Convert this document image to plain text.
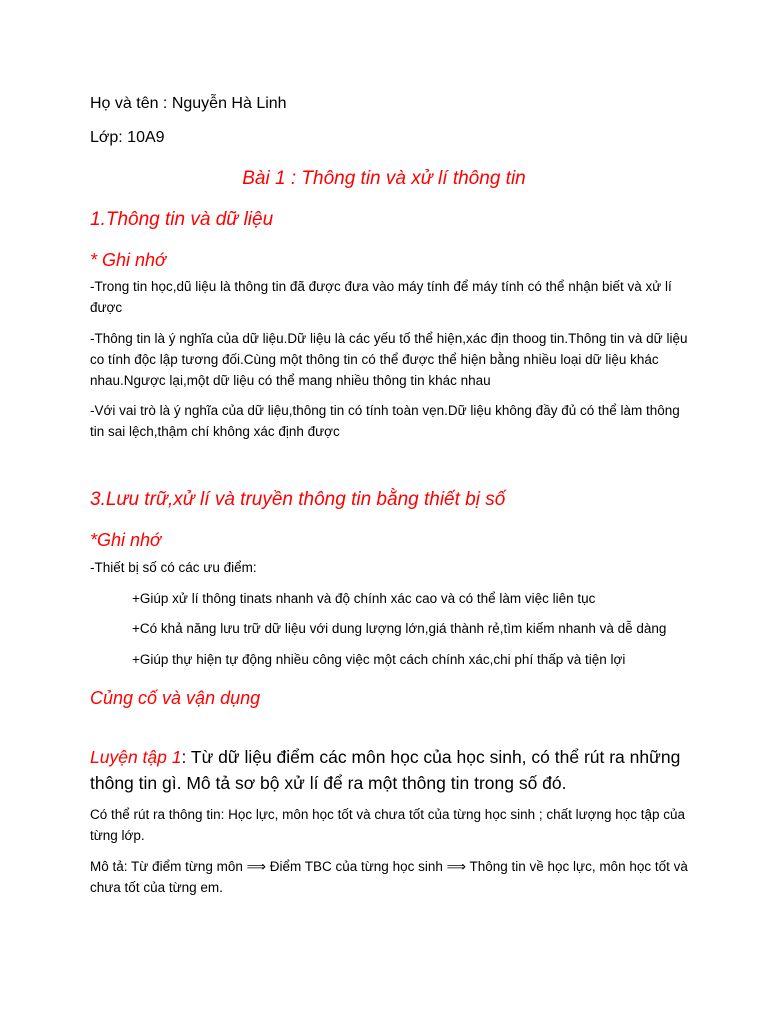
Họ và tên : Nguyễn Hà Linh
Lớp: 10A9
Bài 1 : Thông tin và xử lí thông tin
1.Thông tin và dữ liệu
* Ghi nhớ
-Trong tin học,dũ liệu là thông tin đã được đưa vào máy tính để máy tính có thể nhận biết và xử lí được
-Thông tin là ý nghĩa của dữ liệu.Dữ liệu là các yếu tố thể hiện,xác địn thoog tin.Thông tin và dữ liệu co tính độc lập tương đối.Cùng một thông tin có thể được thể hiện bằng nhiều loại dữ liệu khác nhau.Ngược lại,một dữ liệu có thể mang nhiều thông tin khác nhau
-Với vai trò là ý nghĩa của dữ liệu,thông tin có tính toàn vẹn.Dữ liệu không đầy đủ có thể làm thông tin sai lệch,thậm chí không xác định được
3.Lưu trữ,xử lí và truyền thông tin bằng thiết bị số
*Ghi nhớ
-Thiết bị số có các ưu điểm:
+Giúp xử lí thông tinats nhanh và độ chính xác cao và có thể làm việc liên tục
+Có khả năng lưu trữ dữ liệu với dung lượng lớn,giá thành rẻ,tìm kiếm nhanh và dễ dàng
+Giúp thự hiện tự động nhiều công việc một cách chính xác,chi phí thấp và tiện lợi
Củng cố và vận dụng
Luyện tập 1: Từ dữ liệu điểm các môn học của học sinh, có thể rút ra những thông tin gì. Mô tả sơ bộ xử lí để ra một thông tin trong số đó.
Có thể rút ra thông tin: Học lực, môn học tốt và chưa tốt của từng học sinh ; chất lượng học tập của từng lớp.
Mô tả: Từ điểm từng môn ⟹ Điểm TBC của từng học sinh ⟹ Thông tin về học lực, môn học tốt và chưa tốt của từng em.
